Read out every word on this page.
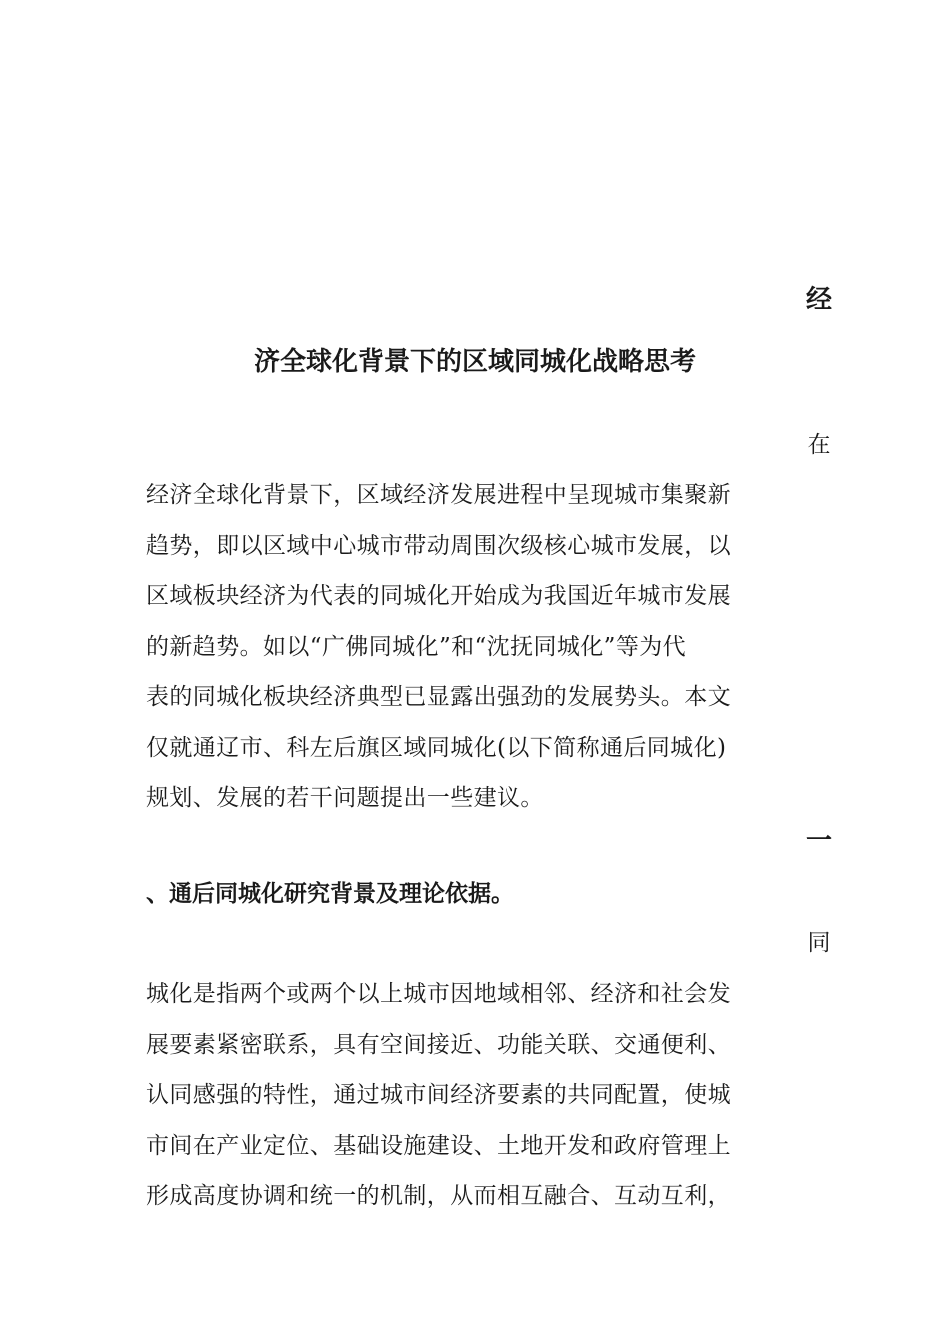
经
济全球化背景下的区域同城化战略思考
在
经济全球化背景下，区域经济发展进程中呈现城市集聚新
趋势，即以区域中心城市带动周围次级核心城市发展，以
区域板块经济为代表的同城化开始成为我国近年城市发展
的新趋势。如以“广佛同城化”和“沈抚同城化”等为代
表的同城化板块经济典型已显露出强劲的发展势头。本文
仅就通辽市、科左后旗区域同城化(以下简称通后同城化)
规划、发展的若干问题提出一些建议。
一
、通后同城化研究背景及理论依据。
同
城化是指两个或两个以上城市因地域相邻、经济和社会发
展要素紧密联系，具有空间接近、功能关联、交通便利、
认同感强的特性，通过城市间经济要素的共同配置，使城
市间在产业定位、基础设施建设、土地开发和政府管理上
形成高度协调和统一的机制，从而相互融合、互动互利，
